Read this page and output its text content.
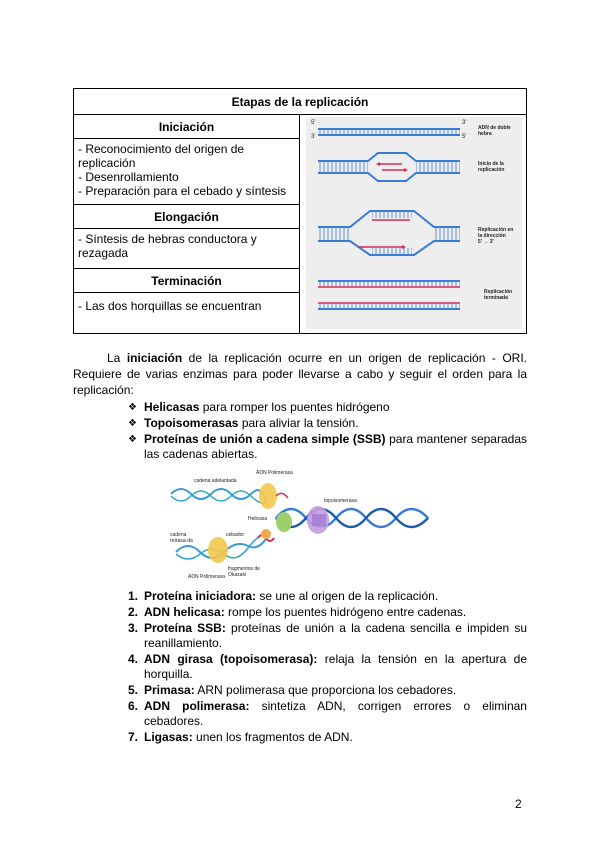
Etapas de la replicación
Iniciación
- Reconocimiento del origen de
replicación
- Desenrollamiento
- Preparación para el cebado y síntesis
Elongación
- Síntesis de hebras conductora y
rezagada
Terminación
- Las dos horquillas se encuentran
5'
3'
3'
5'
ADN de doble
hebra
Inicio de la
replicación
Replicación en
la dirección
5' → 3'
Replicación
terminada
La iniciación de la replicación ocurre en un origen de replicación - ORI. Requiere de varias enzimas para poder llevarse a cabo y seguir el orden para la replicación:
❖ Helicasas para romper los puentes hidrógeno
❖ Topoisomerasas para aliviar la tensión.
❖ Proteínas de unión a cadena simple (SSB) para mantener separadas las cadenas abiertas.
ADN Polimerasa
cadena adelantada
topoisomerasa
Helicasa
cebador
cadena retrasa-da
ADN Polimerasa
fragmentos de Okazaki
1. Proteína iniciadora: se une al origen de la replicación.
2. ADN helicasa: rompe los puentes hidrógeno entre cadenas.
3. Proteína SSB: proteínas de unión a la cadena sencilla e impiden su reanillamiento.
4. ADN girasa (topoisomerasa): relaja la tensión en la apertura de horquilla.
5. Primasa: ARN polimerasa que proporciona los cebadores.
6. ADN polimerasa: sintetiza ADN, corrigen errores o eliminan cebadores.
7. Ligasas: unen los fragmentos de ADN.
2
